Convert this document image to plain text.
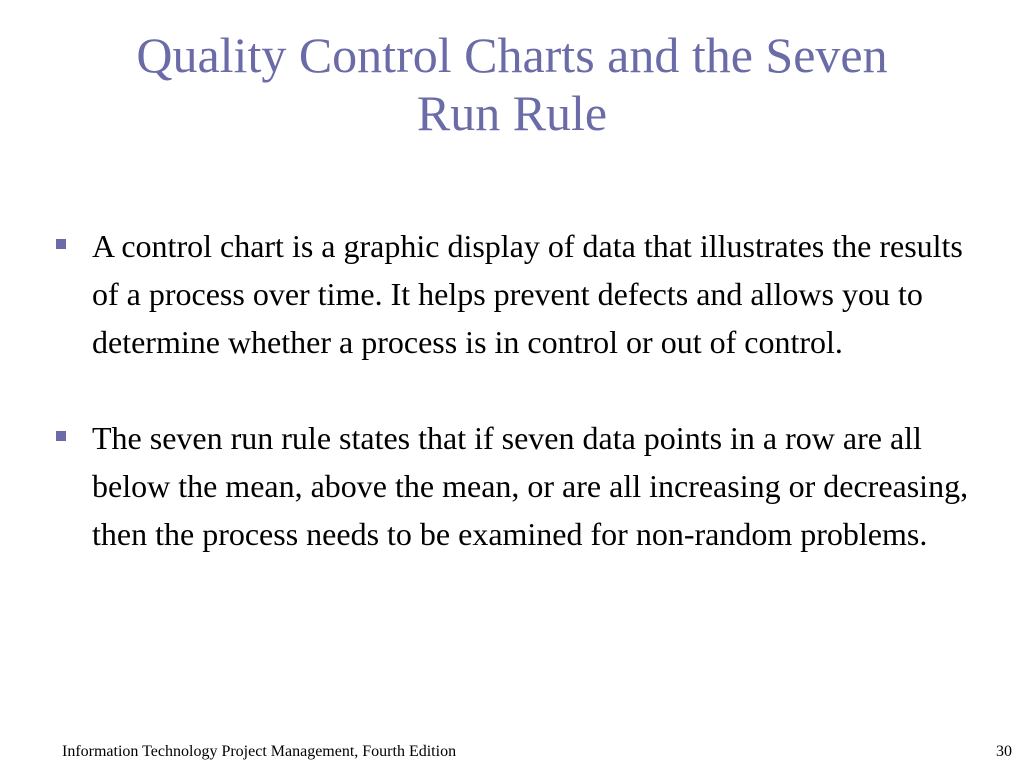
Quality Control Charts and the Seven
Run Rule
A control chart is a graphic display of data that illustrates the results of a process over time. It helps prevent defects and allows you to determine whether a process is in control or out of control.
The seven run rule states that if seven data points in a row are all below the mean, above the mean, or are all increasing or decreasing, then the process needs to be examined for non-random problems.
Information Technology Project Management, Fourth Edition	30
